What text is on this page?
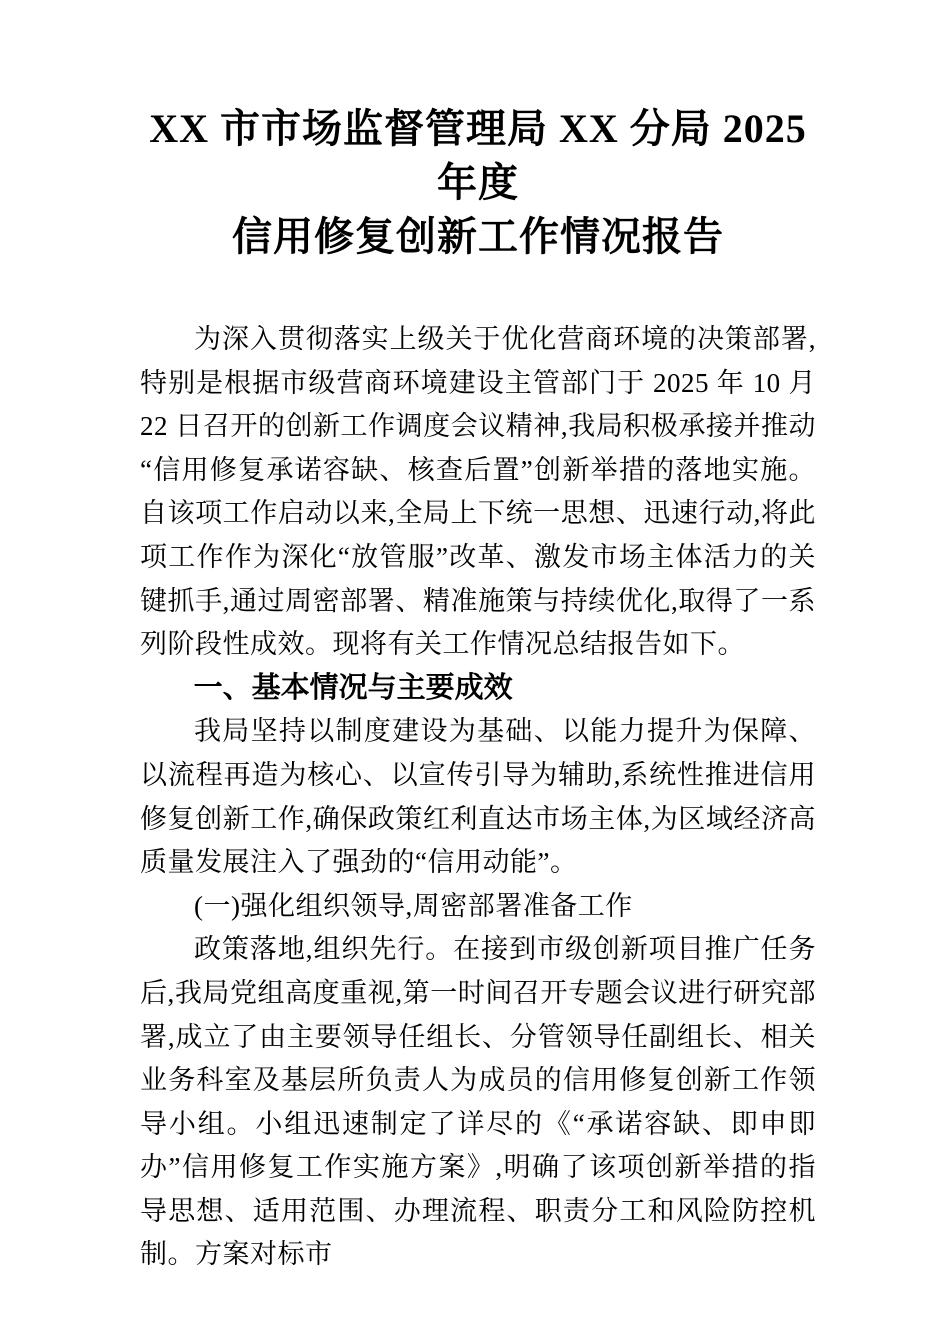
XX 市市场监督管理局 XX 分局 2025 年度
信用修复创新工作情况报告

为深入贯彻落实上级关于优化营商环境的决策部署,特别是根据市级营商环境建设主管部门于 2025 年 10 月 22 日召开的创新工作调度会议精神,我局积极承接并推动“信用修复承诺容缺、核查后置”创新举措的落地实施。自该项工作启动以来,全局上下统一思想、迅速行动,将此项工作作为深化“放管服”改革、激发市场主体活力的关键抓手,通过周密部署、精准施策与持续优化,取得了一系列阶段性成效。现将有关工作情况总结报告如下。

一、基本情况与主要成效

我局坚持以制度建设为基础、以能力提升为保障、以流程再造为核心、以宣传引导为辅助,系统性推进信用修复创新工作,确保政策红利直达市场主体,为区域经济高质量发展注入了强劲的“信用动能”。

(一)强化组织领导,周密部署准备工作

政策落地,组织先行。在接到市级创新项目推广任务后,我局党组高度重视,第一时间召开专题会议进行研究部署,成立了由主要领导任组长、分管领导任副组长、相关业务科室及基层所负责人为成员的信用修复创新工作领导小组。小组迅速制定了详尽的《“承诺容缺、即申即办”信用修复工作实施方案》,明确了该项创新举措的指导思想、适用范围、办理流程、职责分工和风险防控机制。方案对标市
